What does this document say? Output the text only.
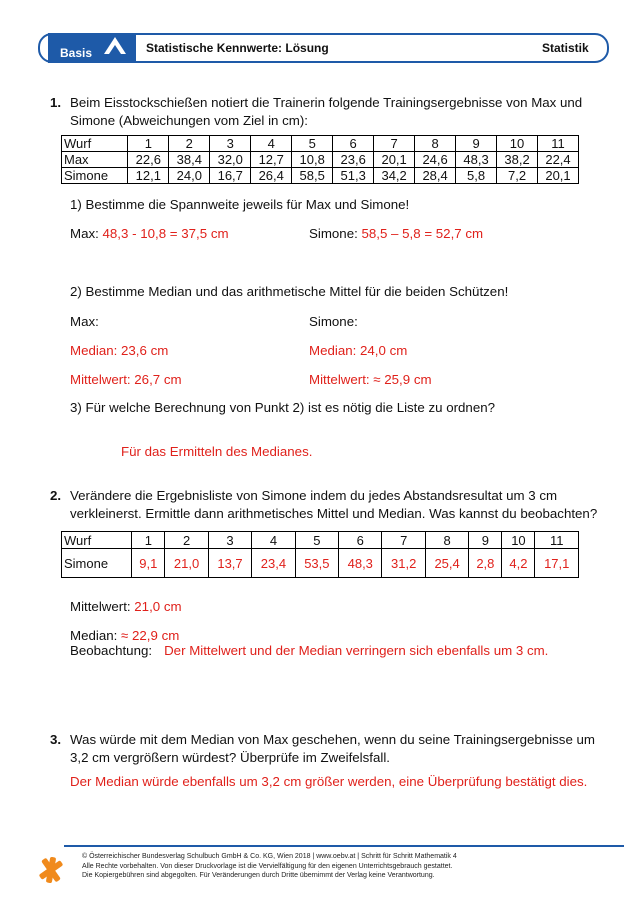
Basis	Statistische Kennwerte: Lösung	Statistik
1. Beim Eisstockschießen notiert die Trainerin folgende Trainingsergebnisse von Max und
Simone (Abweichungen vom Ziel in cm):
Wurf	1	2	3	4	5	6	7	8	9	10	11
Max	22,6	38,4	32,0	12,7	10,8	23,6	20,1	24,6	48,3	38,2	22,4
Simone	12,1	24,0	16,7	26,4	58,5	51,3	34,2	28,4	5,8	7,2	20,1
1) Bestimme die Spannweite jeweils für Max und Simone!
Max: 48,3 - 10,8 = 37,5 cm	Simone: 58,5 – 5,8 = 52,7 cm
2) Bestimme Median und das arithmetische Mittel für die beiden Schützen!
Max:	Simone:
Median: 23,6 cm	Median: 24,0 cm
Mittelwert: 26,7 cm	Mittelwert: ≈ 25,9 cm
3) Für welche Berechnung von Punkt 2) ist es nötig die Liste zu ordnen?
Für das Ermitteln des Medianes.
2. Verändere die Ergebnisliste von Simone indem du jedes Abstandsresultat um 3 cm
verkleinerst. Ermittle dann arithmetisches Mittel und Median. Was kannst du beobachten?
Wurf	1	2	3	4	5	6	7	8	9	10	11
Simone	9,1	21,0	13,7	23,4	53,5	48,3	31,2	25,4	2,8	4,2	17,1
Mittelwert: 21,0 cm
Median: ≈ 22,9 cm
Beobachtung: Der Mittelwert und der Median verringern sich ebenfalls um 3 cm.
3. Was würde mit dem Median von Max geschehen, wenn du seine Trainingsergebnisse um
3,2 cm vergrößern würdest? Überprüfe im Zweifelsfall.
Der Median würde ebenfalls um 3,2 cm größer werden, eine Überprüfung bestätigt dies.
© Österreichischer Bundesverlag Schulbuch GmbH & Co. KG, Wien 2018 | www.oebv.at | Schritt für Schritt Mathematik 4
Alle Rechte vorbehalten. Von dieser Druckvorlage ist die Vervielfältigung für den eigenen Unterrichtsgebrauch gestattet.
Die Kopiergebühren sind abgegolten. Für Veränderungen durch Dritte übernimmt der Verlag keine Verantwortung.
